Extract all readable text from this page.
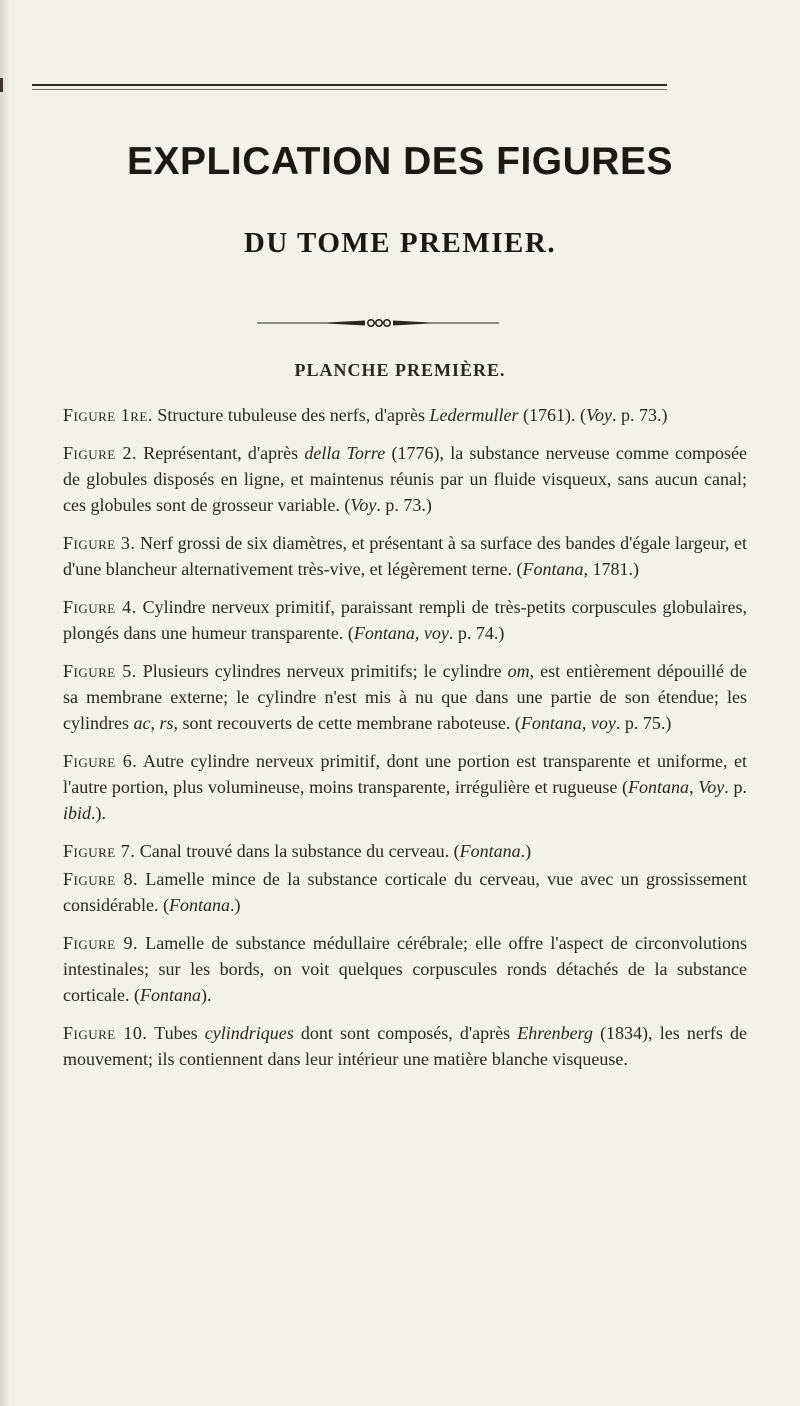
EXPLICATION DES FIGURES
DU TOME PREMIER.
PLANCHE PREMIÈRE.

Figure 1re. Structure tubuleuse des nerfs, d'après Ledermuller (1761). (Voy. p. 73.)

Figure 2. Représentant, d'après della Torre (1776), la substance nerveuse comme composée de globules disposés en ligne, et maintenus réunis par un fluide visqueux, sans aucun canal; ces globules sont de grosseur variable. (Voy. p. 73.)

Figure 3. Nerf grossi de six diamètres, et présentant à sa surface des bandes d'égale largeur, et d'une blancheur alternativement très-vive, et légèrement terne. (Fontana, 1781.)

Figure 4. Cylindre nerveux primitif, paraissant rempli de très-petits corpuscules globulaires, plongés dans une humeur transparente. (Fontana, voy. p. 74.)

Figure 5. Plusieurs cylindres nerveux primitifs; le cylindre om, est entièrement dépouillé de sa membrane externe; le cylindre n'est mis à nu que dans une partie de son étendue; les cylindres ac, rs, sont recouverts de cette membrane raboteuse. (Fontana, voy. p. 75.)

Figure 6. Autre cylindre nerveux primitif, dont une portion est transparente et uniforme, et l'autre portion, plus volumineuse, moins transparente, irrégulière et rugueuse (Fontana, Voy. p. ibid.).

Figure 7. Canal trouvé dans la substance du cerveau. (Fontana.)

Figure 8. Lamelle mince de la substance corticale du cerveau, vue avec un grossissement considérable. (Fontana.)

Figure 9. Lamelle de substance médullaire cérébrale; elle offre l'aspect de circonvolutions intestinales; sur les bords, on voit quelques corpuscules ronds détachés de la substance corticale. (Fontana).

Figure 10. Tubes cylindriques dont sont composés, d'après Ehrenberg (1834), les nerfs de mouvement; ils contiennent dans leur intérieur une matière blanche visqueuse.
